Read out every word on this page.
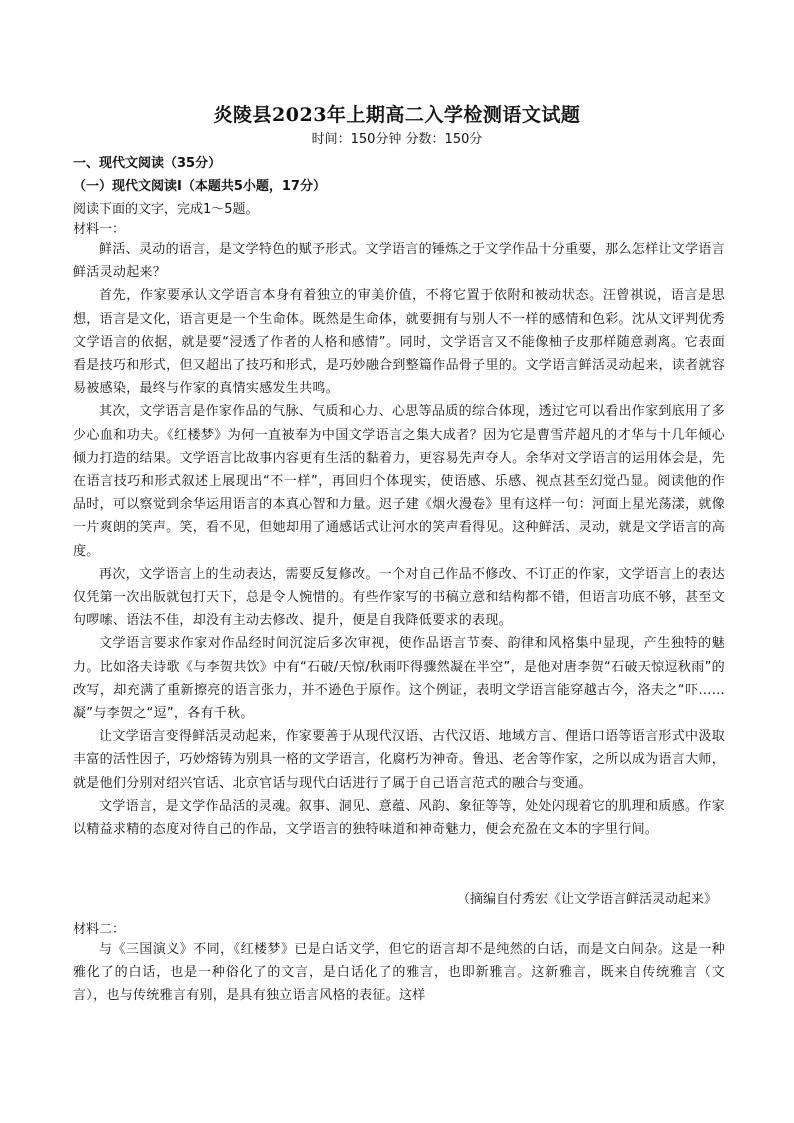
炎陵县2023年上期高二入学检测语文试题
时间：150分钟 分数：150分
一、现代文阅读（35分）
（一）现代文阅读Ⅰ（本题共5小题，17分）
阅读下面的文字，完成1～5题。
材料一：

鲜活、灵动的语言，是文学特色的赋予形式。文学语言的锤炼之于文学作品十分重要，那么怎样让文学语言鲜活灵动起来？

首先，作家要承认文学语言本身有着独立的审美价值，不将它置于依附和被动状态。汪曾祺说，语言是思想，语言是文化，语言更是一个生命体。既然是生命体，就要拥有与别人不一样的感情和色彩。沈从文评判优秀文学语言的依据，就是要“浸透了作者的人格和感情”。同时，文学语言又不能像柚子皮那样随意剥离。它表面看是技巧和形式，但又超出了技巧和形式，是巧妙融合到整篇作品骨子里的。文学语言鲜活灵动起来，读者就容易被感染，最终与作家的真情实感发生共鸣。

其次，文学语言是作家作品的气脉、气质和心力、心思等品质的综合体现，透过它可以看出作家到底用了多少心血和功夫。《红楼梦》为何一直被奉为中国文学语言之集大成者？因为它是曹雪芹超凡的才华与十几年倾心倾力打造的结果。文学语言比故事内容更有生活的黏着力，更容易先声夺人。余华对文学语言的运用体会是，先在语言技巧和形式叙述上展现出“不一样”，再回归个体现实，使语感、乐感、视点甚至幻觉凸显。阅读他的作品时，可以察觉到余华运用语言的本真心智和力量。迟子建《烟火漫卷》里有这样一句：河面上星光荡漾，就像一片爽朗的笑声。笑，看不见，但她却用了通感话式让河水的笑声看得见。这种鲜活、灵动，就是文学语言的高度。

再次，文学语言上的生动表达，需要反复修改。一个对自己作品不修改、不订正的作家，文学语言上的表达仅凭第一次出版就包打天下，总是令人惋惜的。有些作家写的书稿立意和结构都不错，但语言功底不够，甚至文句啰嗦、语法不佳，却没有主动去修改、提升，便是自我降低要求的表现。

文学语言要求作家对作品经时间沉淀后多次审视，使作品语言节奏、韵律和风格集中显现，产生独特的魅力。比如洛夫诗歌《与李贺共饮》中有“石破/天惊/秋雨吓得骤然凝在半空”，是他对唐李贺“石破天惊逗秋雨”的改写，却充满了重新擦亮的语言张力，并不逊色于原作。这个例证，表明文学语言能穿越古今，洛夫之“吓……凝”与李贺之“逗”，各有千秋。

让文学语言变得鲜活灵动起来，作家要善于从现代汉语、古代汉语、地域方言、俚语口语等语言形式中汲取丰富的活性因子，巧妙熔铸为别具一格的文学语言，化腐朽为神奇。鲁迅、老舍等作家，之所以成为语言大师，就是他们分别对绍兴官话、北京官话与现代白话进行了属于自己语言范式的融合与变通。

文学语言，是文学作品活的灵魂。叙事、洞见、意蕴、风韵、象征等等，处处闪现着它的肌理和质感。作家以精益求精的态度对待自己的作品，文学语言的独特味道和神奇魅力，便会充盈在文本的字里行间。

（摘编自付秀宏《让文学语言鲜活灵动起来》
材料二：

与《三国演义》不同，《红楼梦》已是白话文学，但它的语言却不是纯然的白话，而是文白间杂。这是一种雅化了的白话，也是一种俗化了的文言，是白话化了的雅言，也即新雅言。这新雅言，既来自传统雅言（文言），也与传统雅言有别，是具有独立语言风格的表征。这样
